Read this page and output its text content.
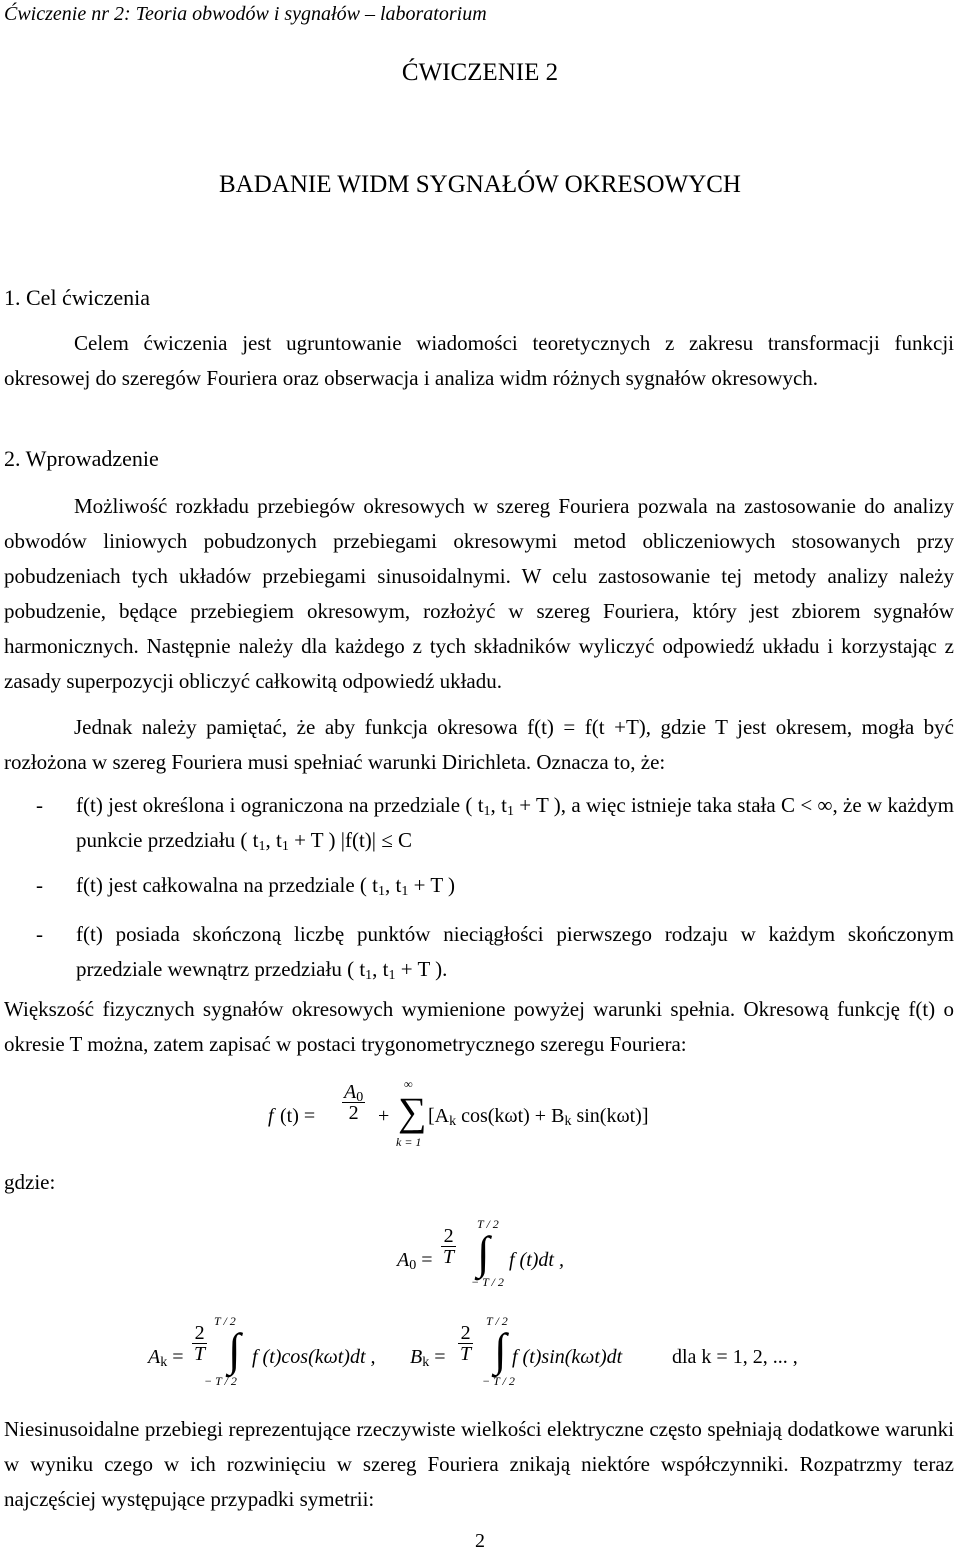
Ćwiczenie nr 2: Teoria obwodów i sygnałów – laboratorium
ĆWICZENIE 2
BADANIE WIDM SYGNAŁÓW OKRESOWYCH
1. Cel ćwiczenia
Celem ćwiczenia jest ugruntowanie wiadomości teoretycznych z zakresu transformacji funkcji okresowej do szeregów Fouriera oraz obserwacja i analiza widm różnych sygnałów okresowych.
2. Wprowadzenie
Możliwość rozkładu przebiegów okresowych w szereg Fouriera pozwala na zastosowanie do analizy obwodów liniowych pobudzonych przebiegami okresowymi metod obliczeniowych stosowanych przy pobudzeniach tych układów przebiegami sinusoidalnymi. W celu zastosowanie tej metody analizy należy pobudzenie, będące przebiegiem okresowym, rozłożyć w szereg Fouriera, który jest zbiorem sygnałów harmonicznych. Następnie należy dla każdego z tych składników wyliczyć odpowiedź układu i korzystając z zasady superpozycji obliczyć całkowitą odpowiedź układu.
Jednak należy pamiętać, że aby funkcja okresowa f(t) = f(t +T), gdzie T jest okresem, mogła być rozłożona w szereg Fouriera musi spełniać warunki Dirichleta. Oznacza to, że:
- f(t) jest określona i ograniczona na przedziale ( $t_1$, $t_1 + T$ ), a więc istnieje taka stała C < ∞, że w każdym punkcie przedziału ( $t_1$, $t_1 + T$ ) |f(t)| ≤ C
- f(t) jest całkowalna na przedziale ( $t_1$, $t_1 + T$ )
- f(t) posiada skończoną liczbę punktów nieciągłości pierwszego rodzaju w każdym skończonym przedziale wewnątrz przedziału ( $t_1$, $t_1 + T$ ).
Większość fizycznych sygnałów okresowych wymienione powyżej warunki spełnia. Okresową funkcję f(t) o okresie T można, zatem zapisać w postaci trygonometrycznego szeregu Fouriera:
f $(t) = \frac{A_0}{2}$ +
∞
∑
k = 1
[$A_k$ $\cos(k\omega t) + B_k$ sin(kωt)]
gdzie:
$A_0 = \frac{2}{T}$
T / 2
∫
− T / 2
f (t)dt ,
$A_k = \frac{2}{T}$
T / 2
∫
− T / 2
f (t)cos(kωt)dt , $B_k = \frac{2}{T}$
T / 2
∫
− T / 2
f (t)sin(kωt)dt dla k = 1, 2, ... ,
Niesinusoidalne przebiegi reprezentujące rzeczywiste wielkości elektryczne często spełniają dodatkowe warunki w wyniku czego w ich rozwinięciu w szereg Fouriera znikają niektóre współczynniki. Rozpatrzmy teraz najczęściej występujące przypadki symetrii:
2
